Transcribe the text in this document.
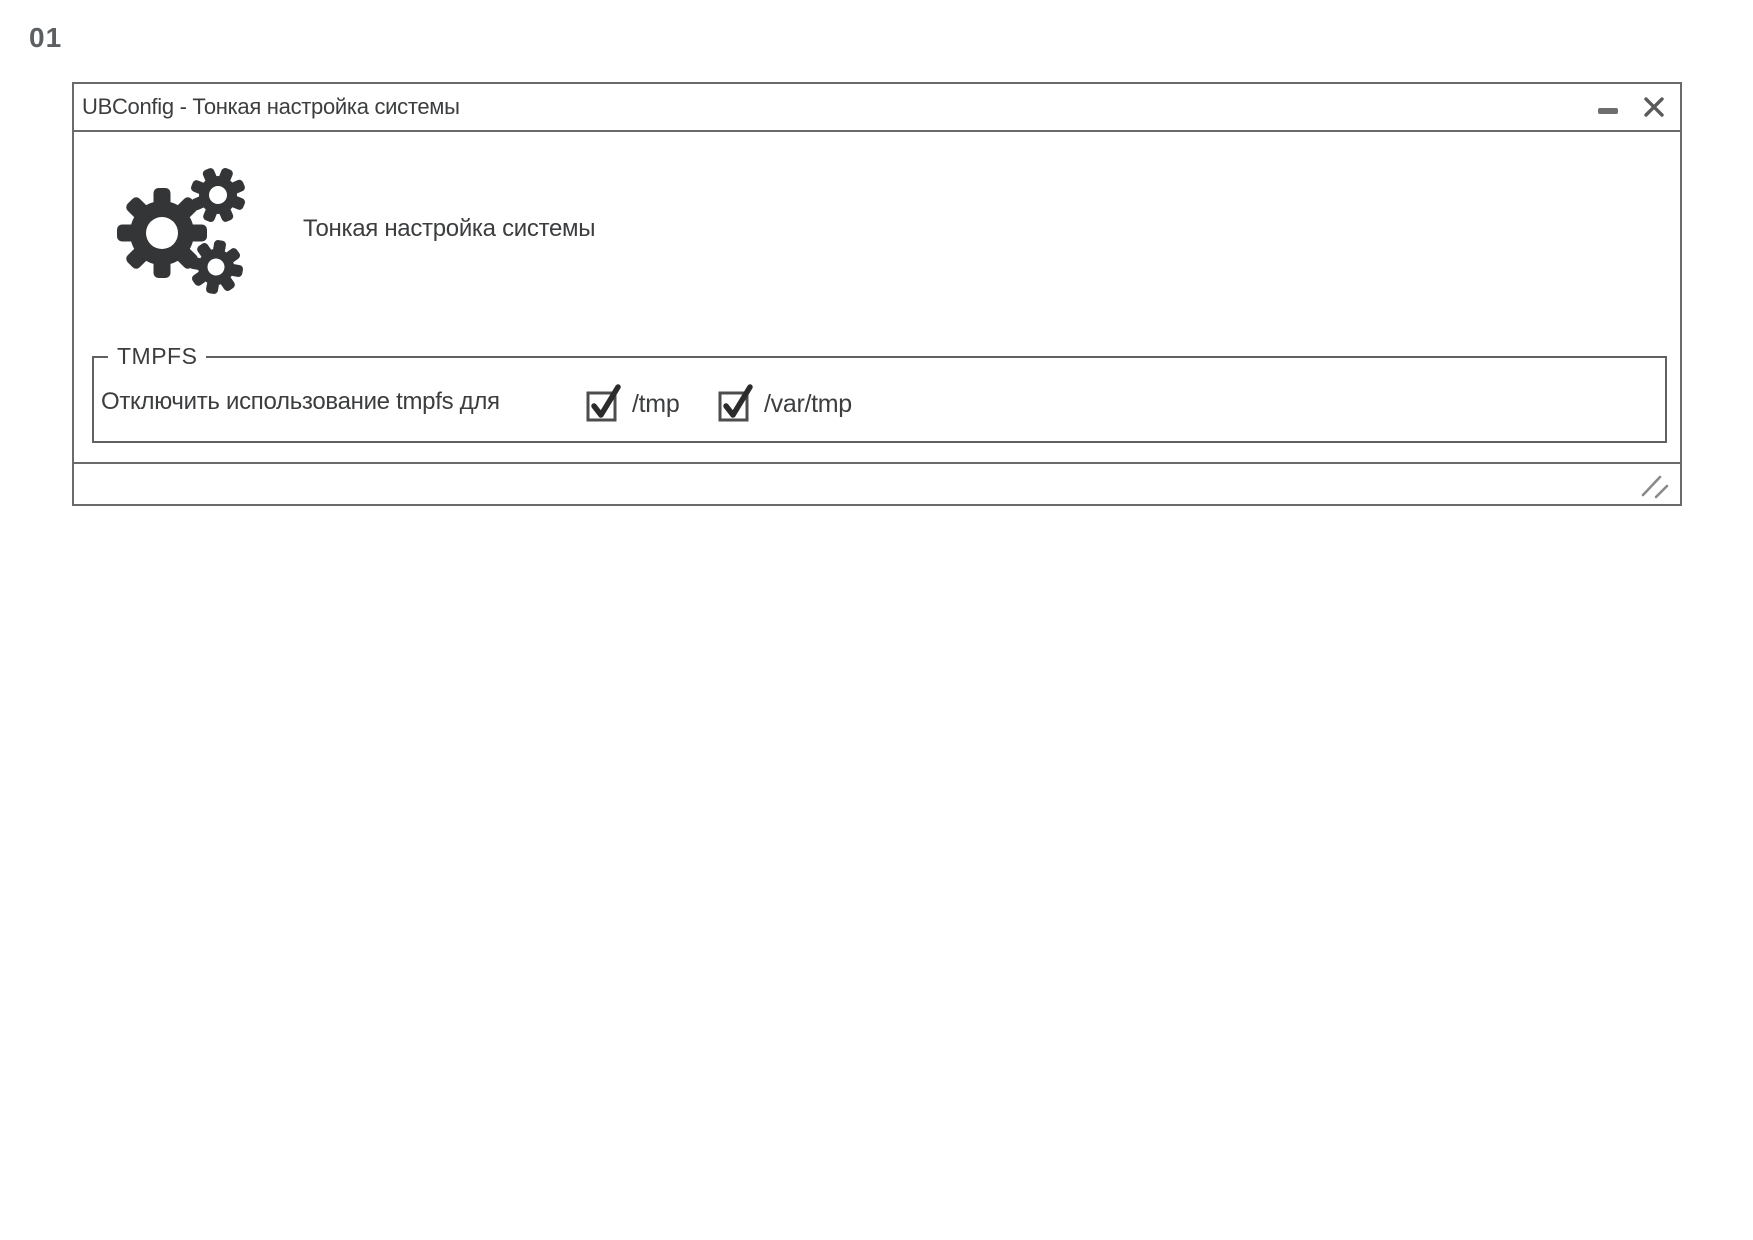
01
UBConfig - Тонкая настройка системы
Тонкая настройка системы
TMPFS
Отключить использование tmpfs для	/tmp	/var/tmp
